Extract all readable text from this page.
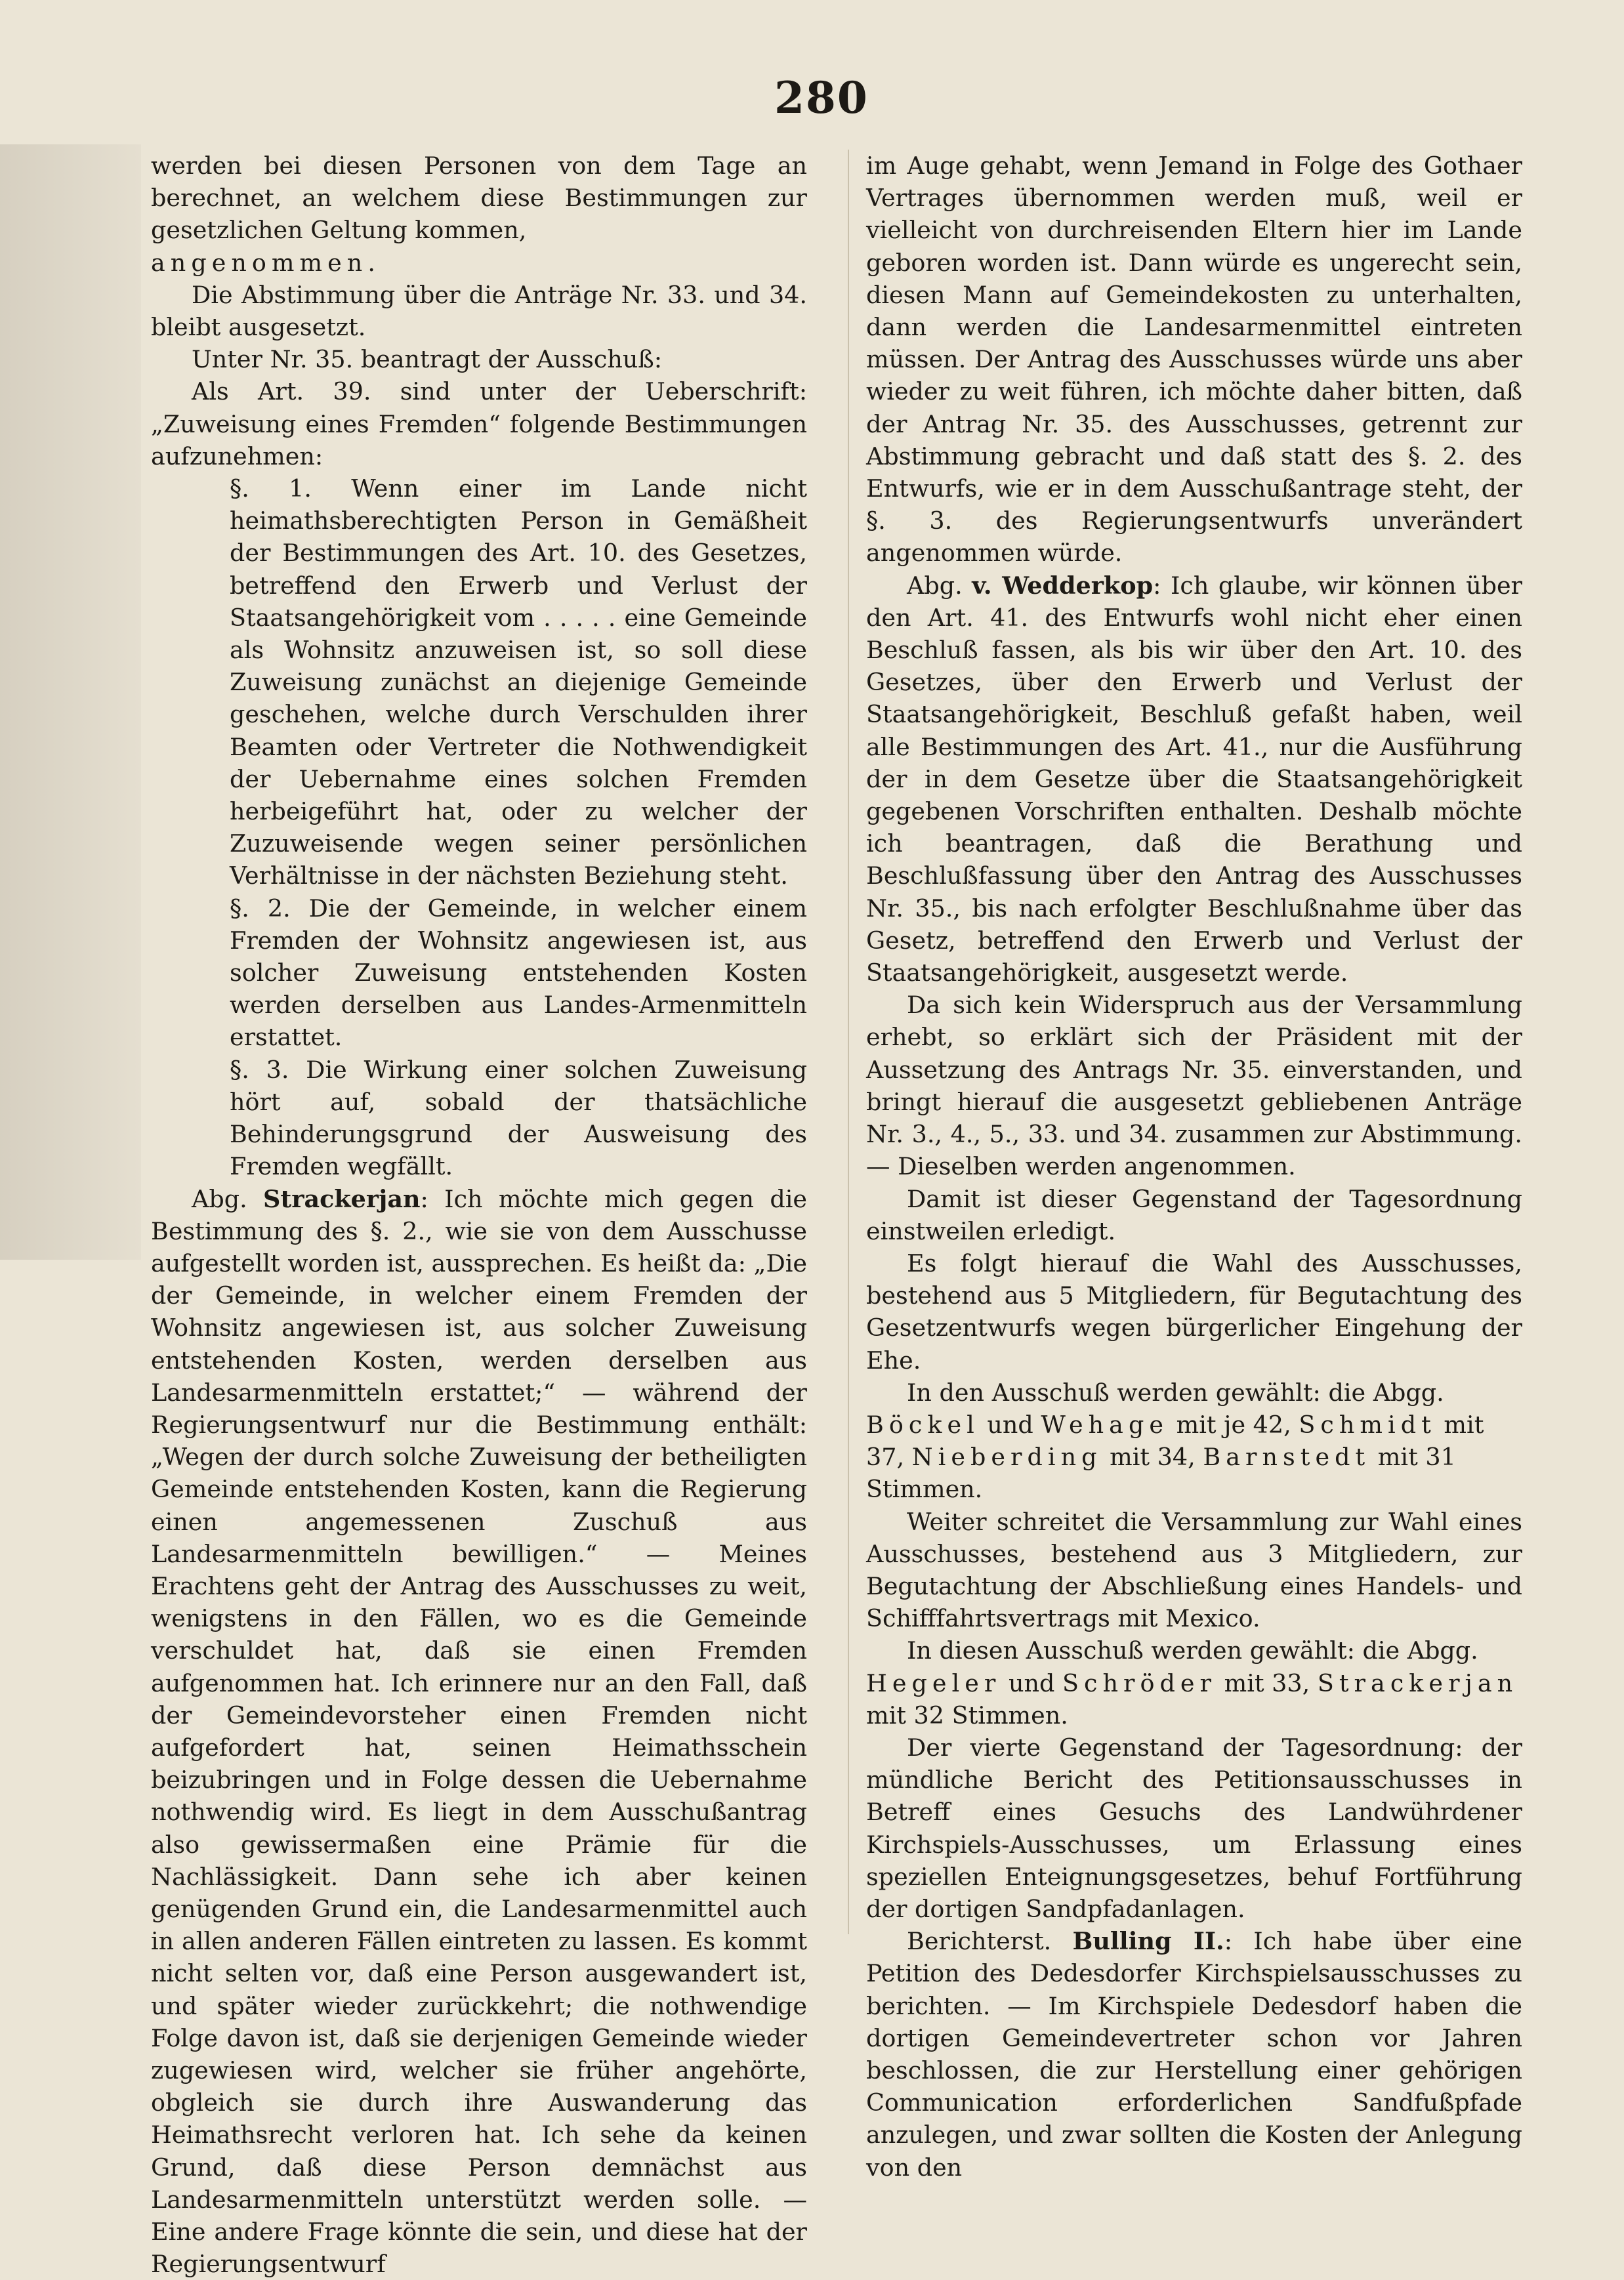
280

werden bei diesen Personen von dem Tage an berechnet, an welchem diese Bestimmungen zur gesetzlichen Geltung kommen,

angenommen.

Die Abstimmung über die Anträge Nr. 33. und 34. bleibt ausgesetzt.

Unter Nr. 35. beantragt der Ausschuß:

Als Art. 39. sind unter der Ueberschrift: „Zuweisung eines Fremden“ folgende Bestimmungen aufzunehmen:

§. 1. Wenn einer im Lande nicht heimathsberechtigten Person in Gemäßheit der Bestimmungen des Art. 10. des Gesetzes, betreffend den Erwerb und Verlust der Staatsangehörigkeit vom . . . . . eine Gemeinde als Wohnsitz anzuweisen ist, so soll diese Zuweisung zunächst an diejenige Gemeinde geschehen, welche durch Verschulden ihrer Beamten oder Vertreter die Nothwendigkeit der Uebernahme eines solchen Fremden herbeigeführt hat, oder zu welcher der Zuzuweisende wegen seiner persönlichen Verhältnisse in der nächsten Beziehung steht.

§. 2. Die der Gemeinde, in welcher einem Fremden der Wohnsitz angewiesen ist, aus solcher Zuweisung entstehenden Kosten werden derselben aus Landes-Armenmitteln erstattet.

§. 3. Die Wirkung einer solchen Zuweisung hört auf, sobald der thatsächliche Behinderungsgrund der Ausweisung des Fremden wegfällt.

Abg. Strackerjan: Ich möchte mich gegen die Bestimmung des §. 2., wie sie von dem Ausschusse aufgestellt worden ist, aussprechen. Es heißt da: „Die der Gemeinde, in welcher einem Fremden der Wohnsitz angewiesen ist, aus solcher Zuweisung entstehenden Kosten, werden derselben aus Landesarmenmitteln erstattet;“ — während der Regierungsentwurf nur die Bestimmung enthält: „Wegen der durch solche Zuweisung der betheiligten Gemeinde entstehenden Kosten, kann die Regierung einen angemessenen Zuschuß aus Landesarmenmitteln bewilligen.“ — Meines Erachtens geht der Antrag des Ausschusses zu weit, wenigstens in den Fällen, wo es die Gemeinde verschuldet hat, daß sie einen Fremden aufgenommen hat. Ich erinnere nur an den Fall, daß der Gemeindevorsteher einen Fremden nicht aufgefordert hat, seinen Heimathsschein beizubringen und in Folge dessen die Uebernahme nothwendig wird. Es liegt in dem Ausschußantrag also gewissermaßen eine Prämie für die Nachlässigkeit. Dann sehe ich aber keinen genügenden Grund ein, die Landesarmenmittel auch in allen anderen Fällen eintreten zu lassen. Es kommt nicht selten vor, daß eine Person ausgewandert ist, und später wieder zurückkehrt; die nothwendige Folge davon ist, daß sie derjenigen Gemeinde wieder zugewiesen wird, welcher sie früher angehörte, obgleich sie durch ihre Auswanderung das Heimathsrecht verloren hat. Ich sehe da keinen Grund, daß diese Person demnächst aus Landesarmenmitteln unterstützt werden solle. — Eine andere Frage könnte die sein, und diese hat der Regierungsentwurf

im Auge gehabt, wenn Jemand in Folge des Gothaer Vertrages übernommen werden muß, weil er vielleicht von durchreisenden Eltern hier im Lande geboren worden ist. Dann würde es ungerecht sein, diesen Mann auf Gemeindekosten zu unterhalten, dann werden die Landesarmenmittel eintreten müssen. Der Antrag des Ausschusses würde uns aber wieder zu weit führen, ich möchte daher bitten, daß der Antrag Nr. 35. des Ausschusses, getrennt zur Abstimmung gebracht und daß statt des §. 2. des Entwurfs, wie er in dem Ausschußantrage steht, der §. 3. des Regierungsentwurfs unverändert angenommen würde.

Abg. v. Wedderkop: Ich glaube, wir können über den Art. 41. des Entwurfs wohl nicht eher einen Beschluß fassen, als bis wir über den Art. 10. des Gesetzes, über den Erwerb und Verlust der Staatsangehörigkeit, Beschluß gefaßt haben, weil alle Bestimmungen des Art. 41., nur die Ausführung der in dem Gesetze über die Staatsangehörigkeit gegebenen Vorschriften enthalten. Deshalb möchte ich beantragen, daß die Berathung und Beschlußfassung über den Antrag des Ausschusses Nr. 35., bis nach erfolgter Beschlußnahme über das Gesetz, betreffend den Erwerb und Verlust der Staatsangehörigkeit, ausgesetzt werde.

Da sich kein Widerspruch aus der Versammlung erhebt, so erklärt sich der Präsident mit der Aussetzung des Antrags Nr. 35. einverstanden, und bringt hierauf die ausgesetzt gebliebenen Anträge Nr. 3., 4., 5., 33. und 34. zusammen zur Abstimmung. — Dieselben werden angenommen.

Damit ist dieser Gegenstand der Tagesordnung einstweilen erledigt.

Es folgt hierauf die Wahl des Ausschusses, bestehend aus 5 Mitgliedern, für Begutachtung des Gesetzentwurfs wegen bürgerlicher Eingehung der Ehe.

In den Ausschuß werden gewählt: die Abgg. Böckel und Wehage mit je 42, Schmidt mit 37, Nieberding mit 34, Barnstedt mit 31 Stimmen.

Weiter schreitet die Versammlung zur Wahl eines Ausschusses, bestehend aus 3 Mitgliedern, zur Begutachtung der Abschließung eines Handels- und Schifffahrtsvertrags mit Mexico.

In diesen Ausschuß werden gewählt: die Abgg. Hegeler und Schröder mit 33, Strackerjan mit 32 Stimmen.

Der vierte Gegenstand der Tagesordnung: der mündliche Bericht des Petitionsausschusses in Betreff eines Gesuchs des Landwührdener Kirchspiels-Ausschusses, um Erlassung eines speziellen Enteignungsgesetzes, behuf Fortführung der dortigen Sandpfadanlagen.

Berichterst. Bulling II.: Ich habe über eine Petition des Dedesdorfer Kirchspielsausschusses zu berichten. — Im Kirchspiele Dedesdorf haben die dortigen Gemeindevertreter schon vor Jahren beschlossen, die zur Herstellung einer gehörigen Communication erforderlichen Sandfußpfade anzulegen, und zwar sollten die Kosten der Anlegung von den
